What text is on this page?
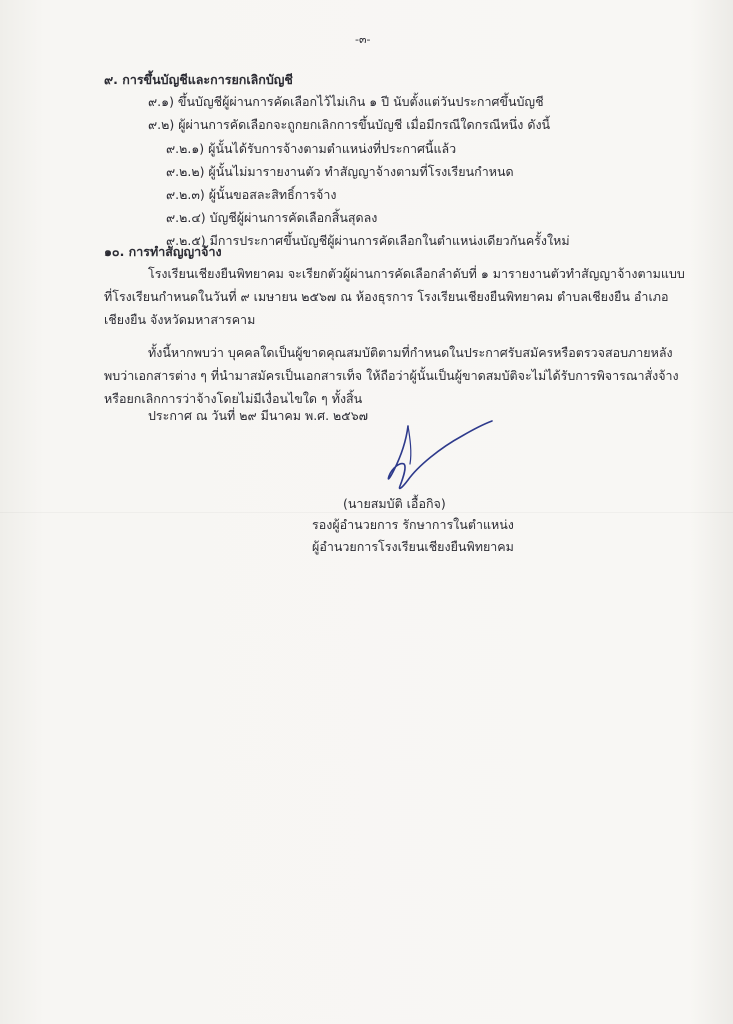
-๓-
๙. การขึ้นบัญชีและการยกเลิกบัญชี
๙.๑) ขึ้นบัญชีผู้ผ่านการคัดเลือกไว้ไม่เกิน ๑ ปี นับตั้งแต่วันประกาศขึ้นบัญชี
๙.๒) ผู้ผ่านการคัดเลือกจะถูกยกเลิกการขึ้นบัญชี เมื่อมีกรณีใดกรณีหนึ่ง ดังนี้
๙.๒.๑) ผู้นั้นได้รับการจ้างตามตำแหน่งที่ประกาศนี้แล้ว
๙.๒.๒) ผู้นั้นไม่มารายงานตัว ทำสัญญาจ้างตามที่โรงเรียนกำหนด
๙.๒.๓) ผู้นั้นขอสละสิทธิ์การจ้าง
๙.๒.๔) บัญชีผู้ผ่านการคัดเลือกสิ้นสุดลง
๙.๒.๕) มีการประกาศขึ้นบัญชีผู้ผ่านการคัดเลือกในตำแหน่งเดียวกันครั้งใหม่
๑๐. การทำสัญญาจ้าง
โรงเรียนเชียงยืนพิทยาคม จะเรียกตัวผู้ผ่านการคัดเลือกลำดับที่ ๑ มารายงานตัวทำสัญญาจ้างตามแบบ
ที่โรงเรียนกำหนดในวันที่ ๙ เมษายน ๒๕๖๗ ณ ห้องธุรการ โรงเรียนเชียงยืนพิทยาคม ตำบลเชียงยืน อำเภอ
เชียงยืน จังหวัดมหาสารคาม
ทั้งนี้หากพบว่า บุคคลใดเป็นผู้ขาดคุณสมบัติตามที่กำหนดในประกาศรับสมัครหรือตรวจสอบภายหลัง
พบว่าเอกสารต่าง ๆ ที่นำมาสมัครเป็นเอกสารเท็จ ให้ถือว่าผู้นั้นเป็นผู้ขาดสมบัติจะไม่ได้รับการพิจารณาสั่งจ้าง
หรือยกเลิกการว่าจ้างโดยไม่มีเงื่อนไขใด ๆ ทั้งสิ้น
ประกาศ ณ วันที่ ๒๙ มีนาคม พ.ศ. ๒๕๖๗
(นายสมบัติ เอื้อกิจ)
รองผู้อำนวยการ รักษาการในตำแหน่ง
ผู้อำนวยการโรงเรียนเชียงยืนพิทยาคม
